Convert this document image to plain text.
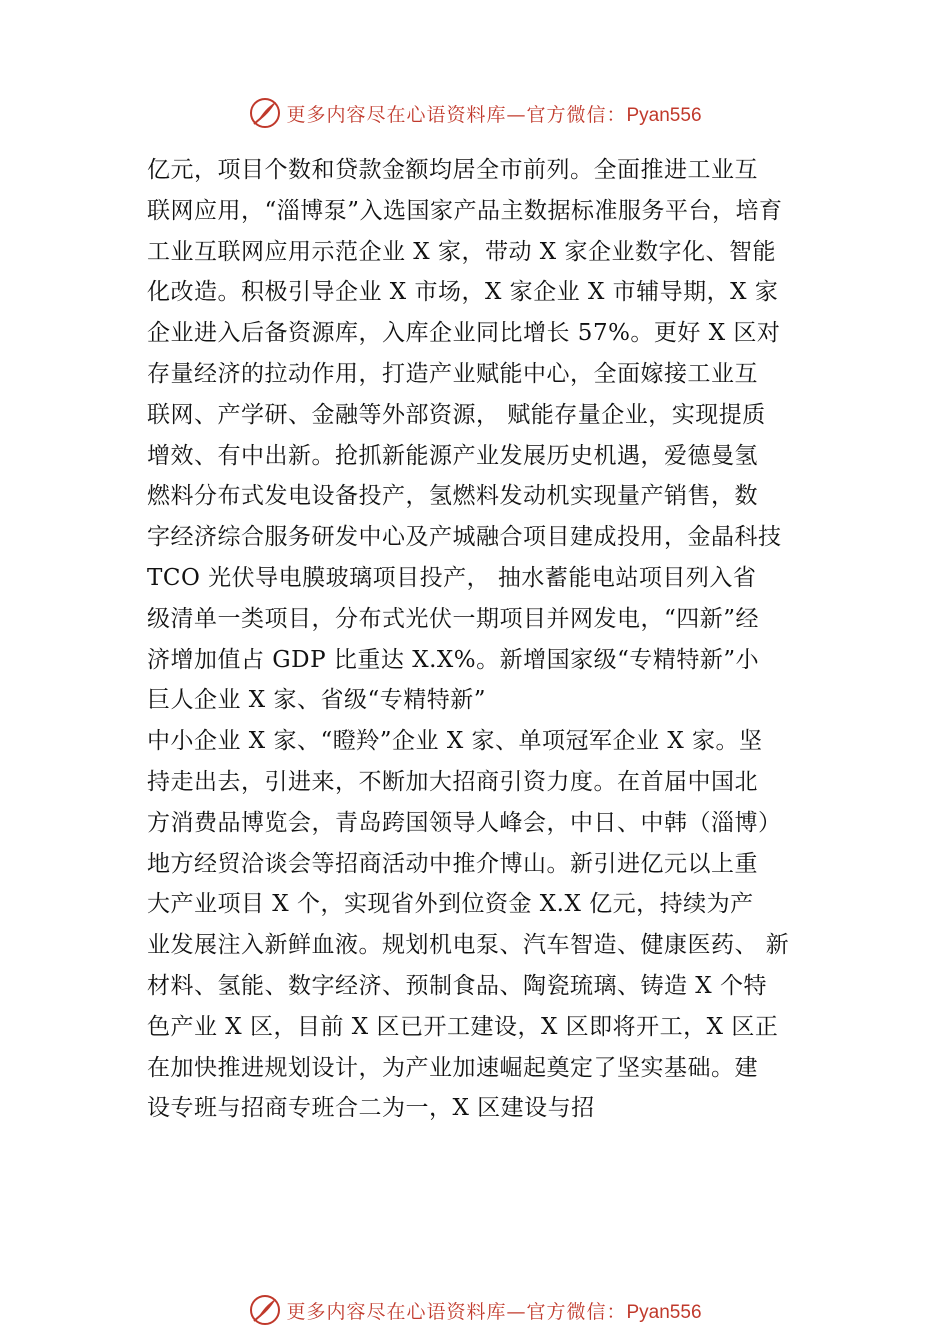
更多内容尽在心语资料库—官方微信：Pyan556
亿元，项目个数和贷款金额均居全市前列。全面推进工业互
联网应用，“淄博泵”入选国家产品主数据标准服务平台，培育
工业互联网应用示范企业 X 家，带动 X 家企业数字化、智能
化改造。积极引导企业 X 市场，X 家企业 X 市辅导期，X 家
企业进入后备资源库，入库企业同比增长 57%。更好 X 区对
存量经济的拉动作用，打造产业赋能中心，全面嫁接工业互
联网、产学研、金融等外部资源， 赋能存量企业，实现提质
增效、有中出新。抢抓新能源产业发展历史机遇，爱德曼氢
燃料分布式发电设备投产，氢燃料发动机实现量产销售，数
字经济综合服务研发中心及产城融合项目建成投用，金晶科技
TCO 光伏导电膜玻璃项目投产， 抽水蓄能电站项目列入省
级清单一类项目，分布式光伏一期项目并网发电，“四新”经
济增加值占 GDP 比重达 X.X%。新增国家级“专精特新”小
巨人企业 X 家、省级“专精特新”
中小企业 X 家、“瞪羚”企业 X 家、单项冠军企业 X 家。坚
持走出去，引进来，不断加大招商引资力度。在首届中国北
方消费品博览会，青岛跨国领导人峰会，中日、中韩（淄博）
地方经贸洽谈会等招商活动中推介博山。新引进亿元以上重
大产业项目 X 个，实现省外到位资金 X.X 亿元，持续为产
业发展注入新鲜血液。规划机电泵、汽车智造、健康医药、 新
材料、氢能、数字经济、预制食品、陶瓷琉璃、铸造 X 个特
色产业 X 区，目前 X 区已开工建设，X 区即将开工，X 区正
在加快推进规划设计，为产业加速崛起奠定了坚实基础。建
设专班与招商专班合二为一，X 区建设与招
更多内容尽在心语资料库—官方微信：Pyan556
